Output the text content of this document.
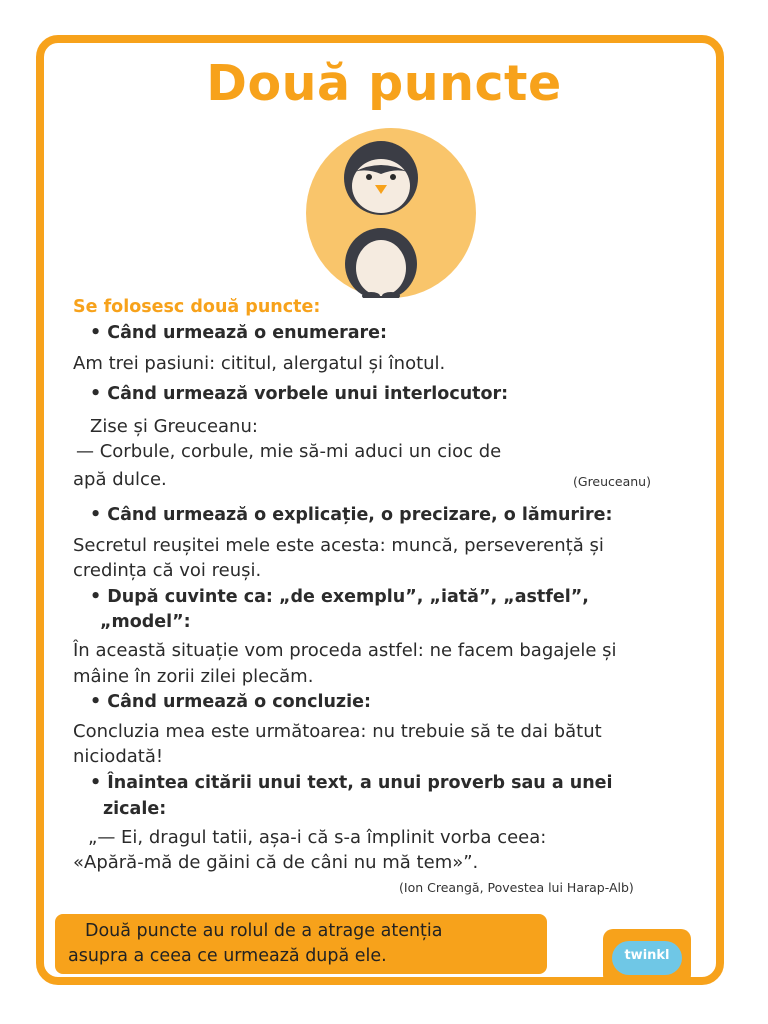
Două puncte
Se folosesc două puncte:
• Când urmează o enumerare:
Am trei pasiuni: cititul, alergatul și înotul.
• Când urmează vorbele unui interlocutor:
Zise și Greuceanu:
— Corbule, corbule, mie să-mi aduci un cioc de
apă dulce.	(Greuceanu)
• Când urmează o explicație, o precizare, o lămurire:
Secretul reușitei mele este acesta: muncă, perseverență și
credința că voi reuși.
• După cuvinte ca: „de exemplu”, „iată”, „astfel”,
„model”:
În această situație vom proceda astfel: ne facem bagajele și
mâine în zorii zilei plecăm.
• Când urmează o concluzie:
Concluzia mea este următoarea: nu trebuie să te dai bătut
niciodată!
• Înaintea citării unui text, a unui proverb sau a unei
zicale:
„— Ei, dragul tatii, așa-i că s-a împlinit vorba ceea:
«Apără-mă de găini că de câni nu mă tem»”.
(Ion Creangă, Povestea lui Harap-Alb)
Două puncte au rolul de a atrage atenția
asupra a ceea ce urmează după ele.	twinkl
